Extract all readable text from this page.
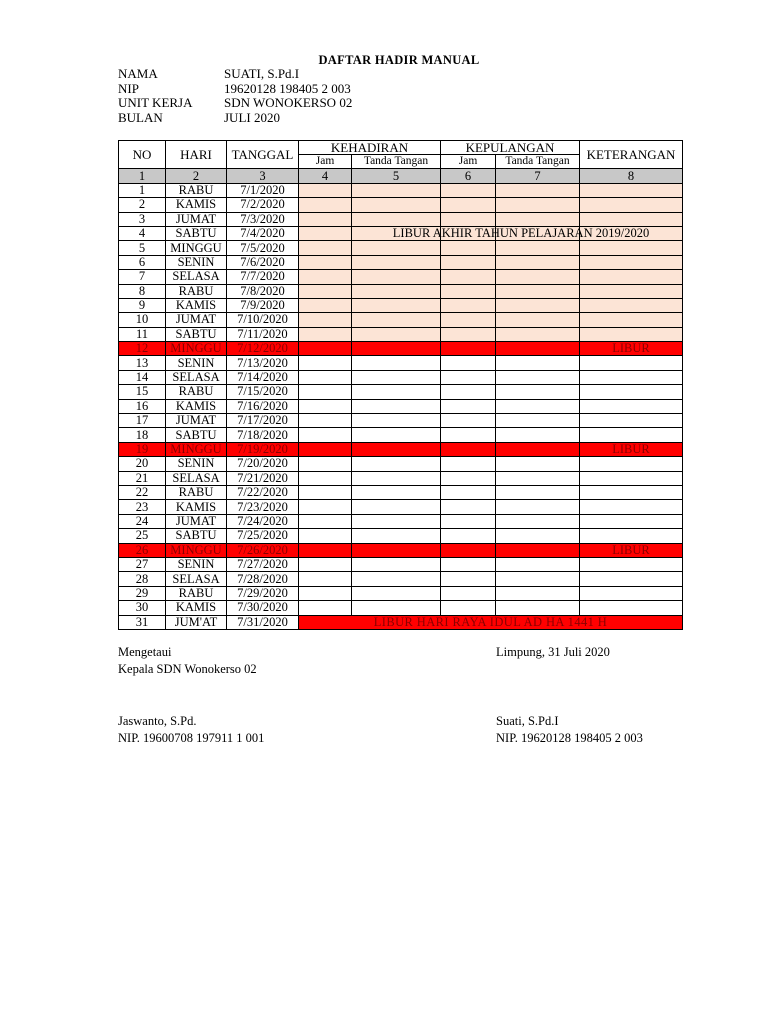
DAFTAR HADIR MANUAL
NAMA	SUATI, S.Pd.I
NIP	19620128 198405 2 003
UNIT KERJA	SDN WONOKERSO 02
BULAN	JULI 2020
NO	HARI	TANGGAL	KEHADIRAN		KEPULANGAN		KETERANGAN
			Jam	Tanda Tangan	Jam	Tanda Tangan	
1	2	3	4	5	6	7	8
1	RABU	7/1/2020					
2	KAMIS	7/2/2020					
3	JUMAT	7/3/2020					
4	SABTU	7/4/2020		LIBUR AKHIR TAHUN PELAJARAN 2019/2020			

5	MINGGU	7/5/2020					
6	SENIN	7/6/2020					
7	SELASA	7/7/2020					
8	RABU	7/8/2020					
9	KAMIS	7/9/2020					
10	JUMAT	7/10/2020					
11	SABTU	7/11/2020					
12	MINGGU	7/12/2020					LIBUR
13	SENIN	7/13/2020					
14	SELASA	7/14/2020					
15	RABU	7/15/2020					
16	KAMIS	7/16/2020					
17	JUMAT	7/17/2020					
18	SABTU	7/18/2020					
19	MINGGU	7/19/2020					LIBUR
20	SENIN	7/20/2020					
21	SELASA	7/21/2020					
22	RABU	7/22/2020					
23	KAMIS	7/23/2020					
24	JUMAT	7/24/2020					
25	SABTU	7/25/2020					
26	MINGGU	7/26/2020					LIBUR
27	SENIN	7/27/2020					
28	SELASA	7/28/2020					
29	RABU	7/29/2020					
30	KAMIS	7/30/2020					
31	JUM'AT	7/31/2020	LIBUR HARI RAYA IDUL AD HA 1441 H				
Mengetaui
Kepala SDN Wonokerso 02
Limpung, 31 Juli 2020
Jaswanto, S.Pd.
NIP. 19600708 197911 1 001
Suati, S.Pd.I
NIP. 19620128 198405 2 003
